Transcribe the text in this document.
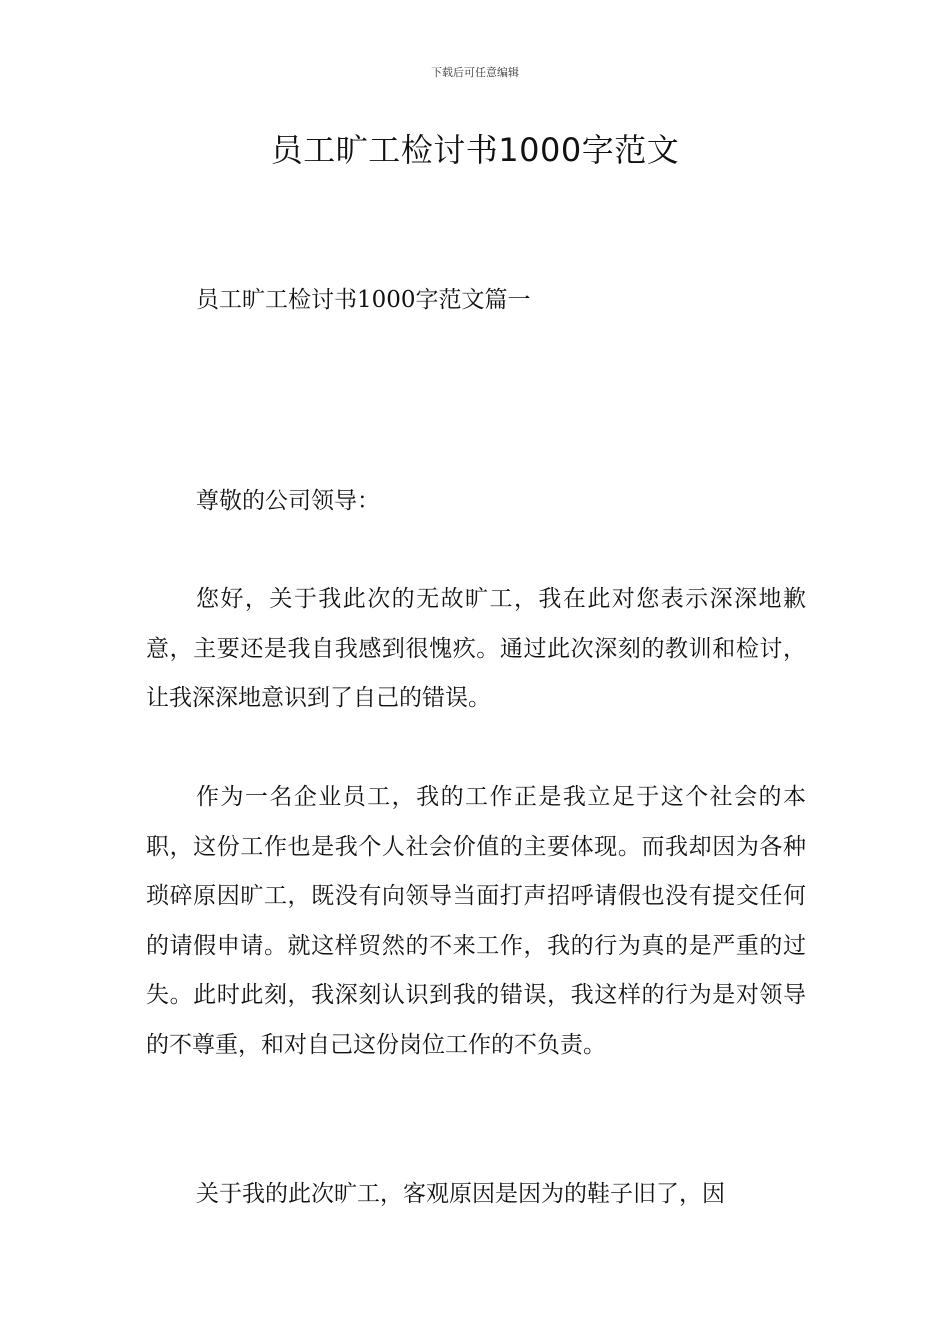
下载后可任意编辑
员工旷工检讨书1000字范文
员工旷工检讨书1000字范文篇一

尊敬的公司领导：

您好，关于我此次的无故旷工，我在此对您表示深深地歉意，主要还是我自我感到很愧疚。通过此次深刻的教训和检讨，让我深深地意识到了自己的错误。

作为一名企业员工，我的工作正是我立足于这个社会的本职，这份工作也是我个人社会价值的主要体现。而我却因为各种琐碎原因旷工，既没有向领导当面打声招呼请假也没有提交任何的请假申请。就这样贸然的不来工作，我的行为真的是严重的过失。此时此刻，我深刻认识到我的错误，我这样的行为是对领导的不尊重，和对自己这份岗位工作的不负责。

关于我的此次旷工，客观原因是因为的鞋子旧了，因
